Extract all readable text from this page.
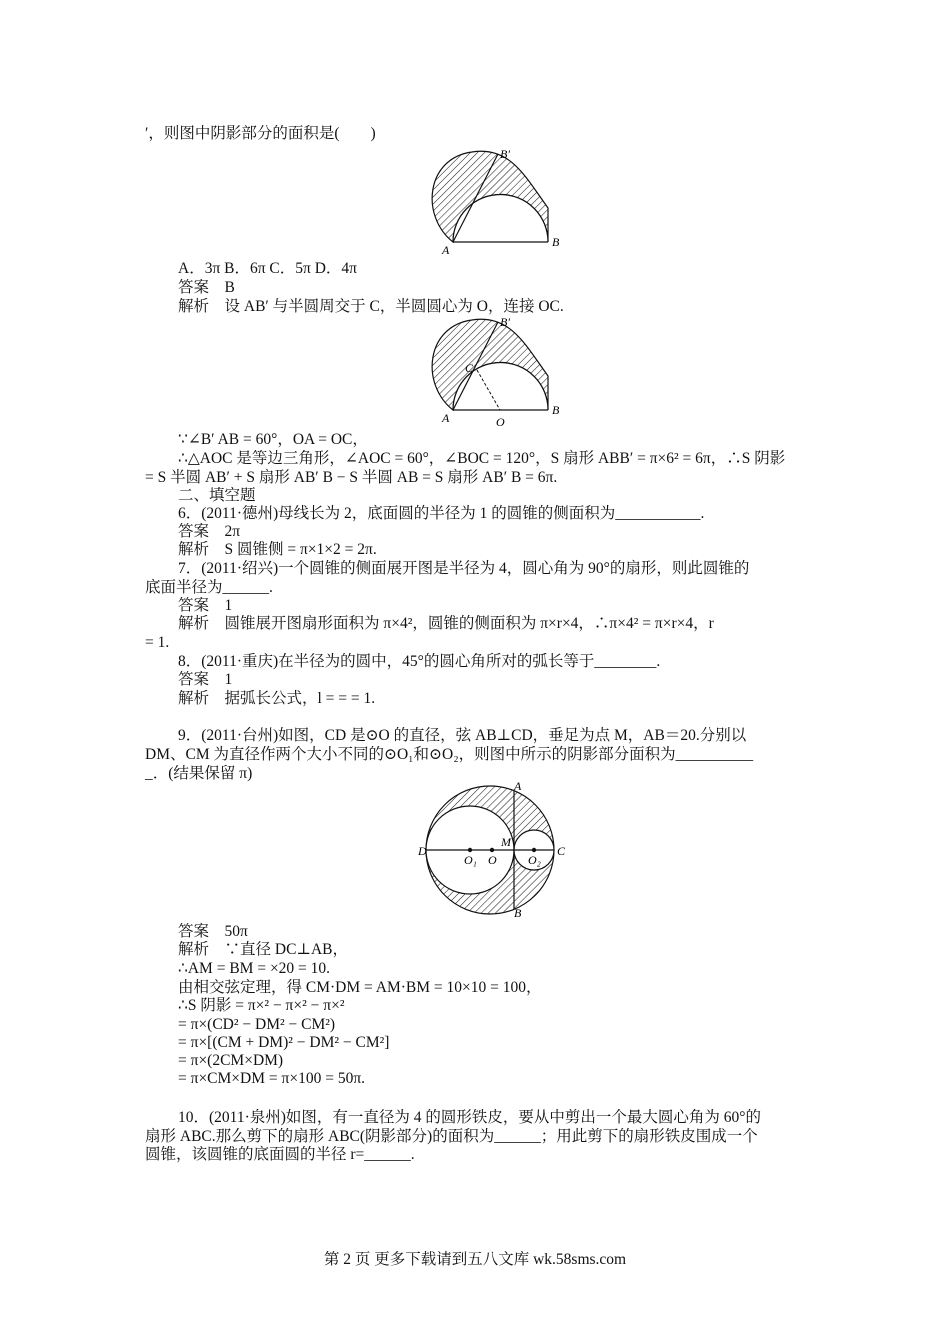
′，则图中阴影部分的面积是(　　)
A
B
B′
A．3π B．6π C．5π D．4π
答案　B
解析　设 AB′ 与半圆周交于 C，半圆圆心为 O，连接 OC.
A
B
B′
C
O
∵∠B′ AB = 60°，OA = OC，
∴△AOC 是等边三角形，∠AOC = 60°，∠BOC = 120°，S 扇形 ABB′ = π×6² = 6π，∴S 阴影
= S 半圆 AB′ + S 扇形 AB′ B − S 半圆 AB = S 扇形 AB′ B = 6π.
二、填空题
6．(2011·德州)母线长为 2，底面圆的半径为 1 的圆锥的侧面积为___________.
答案　2π
解析　S 圆锥侧 = π×1×2 = 2π.
7．(2011·绍兴)一个圆锥的侧面展开图是半径为 4，圆心角为 90°的扇形，则此圆锥的
底面半径为______.
答案　1
解析　圆锥展开图扇形面积为 π×4²，圆锥的侧面积为 π×r×4，∴π×4² = π×r×4，r
= 1.
8．(2011·重庆)在半径为的圆中，45°的圆心角所对的弧长等于________.
答案　1
解析　据弧长公式，l = = = 1.
9．(2011·台州)如图，CD 是⊙O 的直径，弦 AB⊥CD，垂足为点 M，AB＝20.分别以
DM、CM 为直径作两个大小不同的⊙O₁和⊙O₂，则图中所示的阴影部分面积为__________
_．(结果保留 π)
A
B
C
D
M
O
O₁	O₂
答案　50π
解析　∵直径 DC⊥AB，
∴AM = BM = ×20 = 10.
由相交弦定理，得 CM·DM = AM·BM = 10×10 = 100，
∴S 阴影 = π×² − π×² − π×²
= π×(CD² − DM² − CM²)
= π×[(CM + DM)² − DM² − CM²]
= π×(2CM×DM)
= π×CM×DM = π×100 = 50π.
10．(2011·泉州)如图，有一直径为 4 的圆形铁皮，要从中剪出一个最大圆心角为 60°的
扇形 ABC.那么剪下的扇形 ABC(阴影部分)的面积为______；用此剪下的扇形铁皮围成一个
圆锥，该圆锥的底面圆的半径 r=______.
第 2 页 更多下载请到五八文库 wk.58sms.com
